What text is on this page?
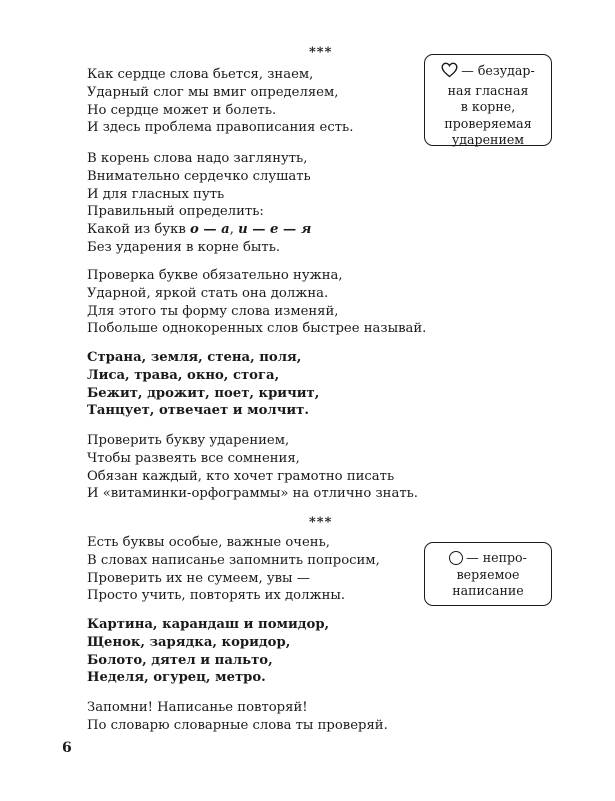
***
Как сердце слова бьется, знаем,
Ударный слог мы вмиг определяем,
Но сердце может и болеть.
И здесь проблема правописания есть.
В корень слова надо заглянуть,
Внимательно сердечко слушать
И для гласных путь
Правильный определить:
Какой из букв о — а, и — е — я
Без ударения в корне быть.
Проверка букве обязательно нужна,
Ударной, яркой стать она должна.
Для этого ты форму слова изменяй,
Побольше однокоренных слов быстрее называй.
Страна, земля, стена, поля,
Лиса, трава, окно, стога,
Бежит, дрожит, поет, кричит,
Танцует, отвечает и молчит.
Проверить букву ударением,
Чтобы развеять все сомнения,
Обязан каждый, кто хочет грамотно писать
И «витаминки-орфограммы» на отлично знать.
***
Есть буквы особые, важные очень,
В словах написанье запомнить попросим,
Проверить их не сумеем, увы —
Просто учить, повторять их должны.
Картина, карандаш и помидор,
Щенок, зарядка, коридор,
Болото, дятел и пальто,
Неделя, огурец, метро.
Запомни! Написанье повторяй!
По словарю словарные слова ты проверяй.
— безудар-
ная гласная
в корне,
проверяемая
ударением
— непро-
веряемое
написание
6
